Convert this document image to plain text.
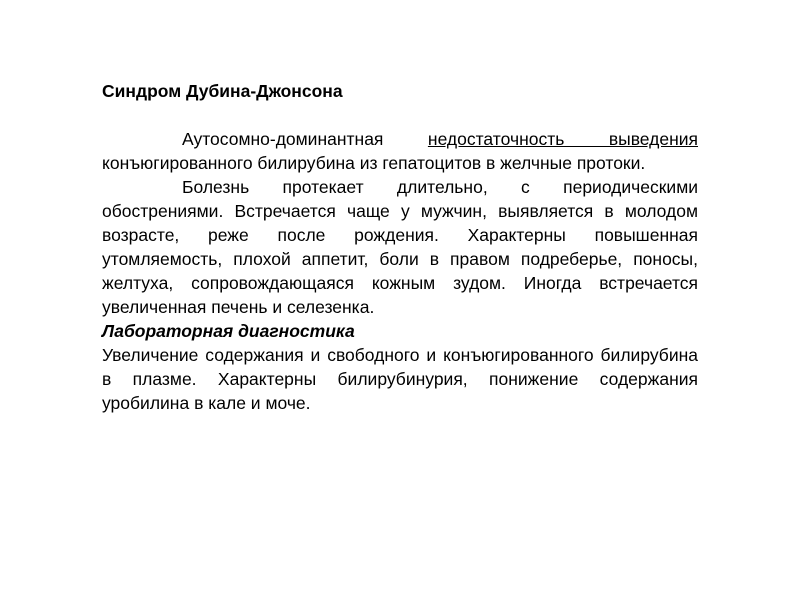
Синдром Дубина-Джонсона

Аутосомно-доминантная недостаточность выведения конъюгированного билирубина из гепатоцитов в желчные протоки.

Болезнь протекает длительно, с периодическими обострениями. Встречается чаще у мужчин, выявляется в молодом возрасте, реже после рождения. Характерны повышенная утомляемость, плохой аппетит, боли в правом подреберье, поносы, желтуха, сопровождающаяся кожным зудом. Иногда встречается увеличенная печень и селезенка.

Лабораторная диагностика

Увеличение содержания и свободного и конъюгированного билирубина в плазме. Характерны билирубинурия, понижение содержания уробилина в кале и моче.
